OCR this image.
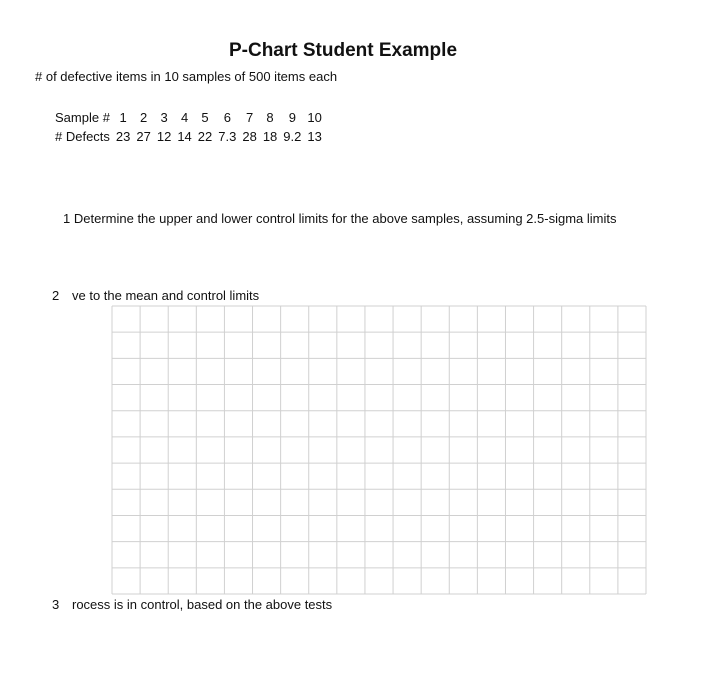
P-Chart Student Example
# of defective items in 10 samples of 500 items each
Sample #	1	2	3	4	5	6	7	8	9	10
# Defects	23	27	12	14	22	7.3	28	18	9.2	13
1 Determine the upper and lower control limits for the above samples, assuming 2.5-sigma limits
2 ve to the mean and control limits
3 rocess is in control, based on the above tests
